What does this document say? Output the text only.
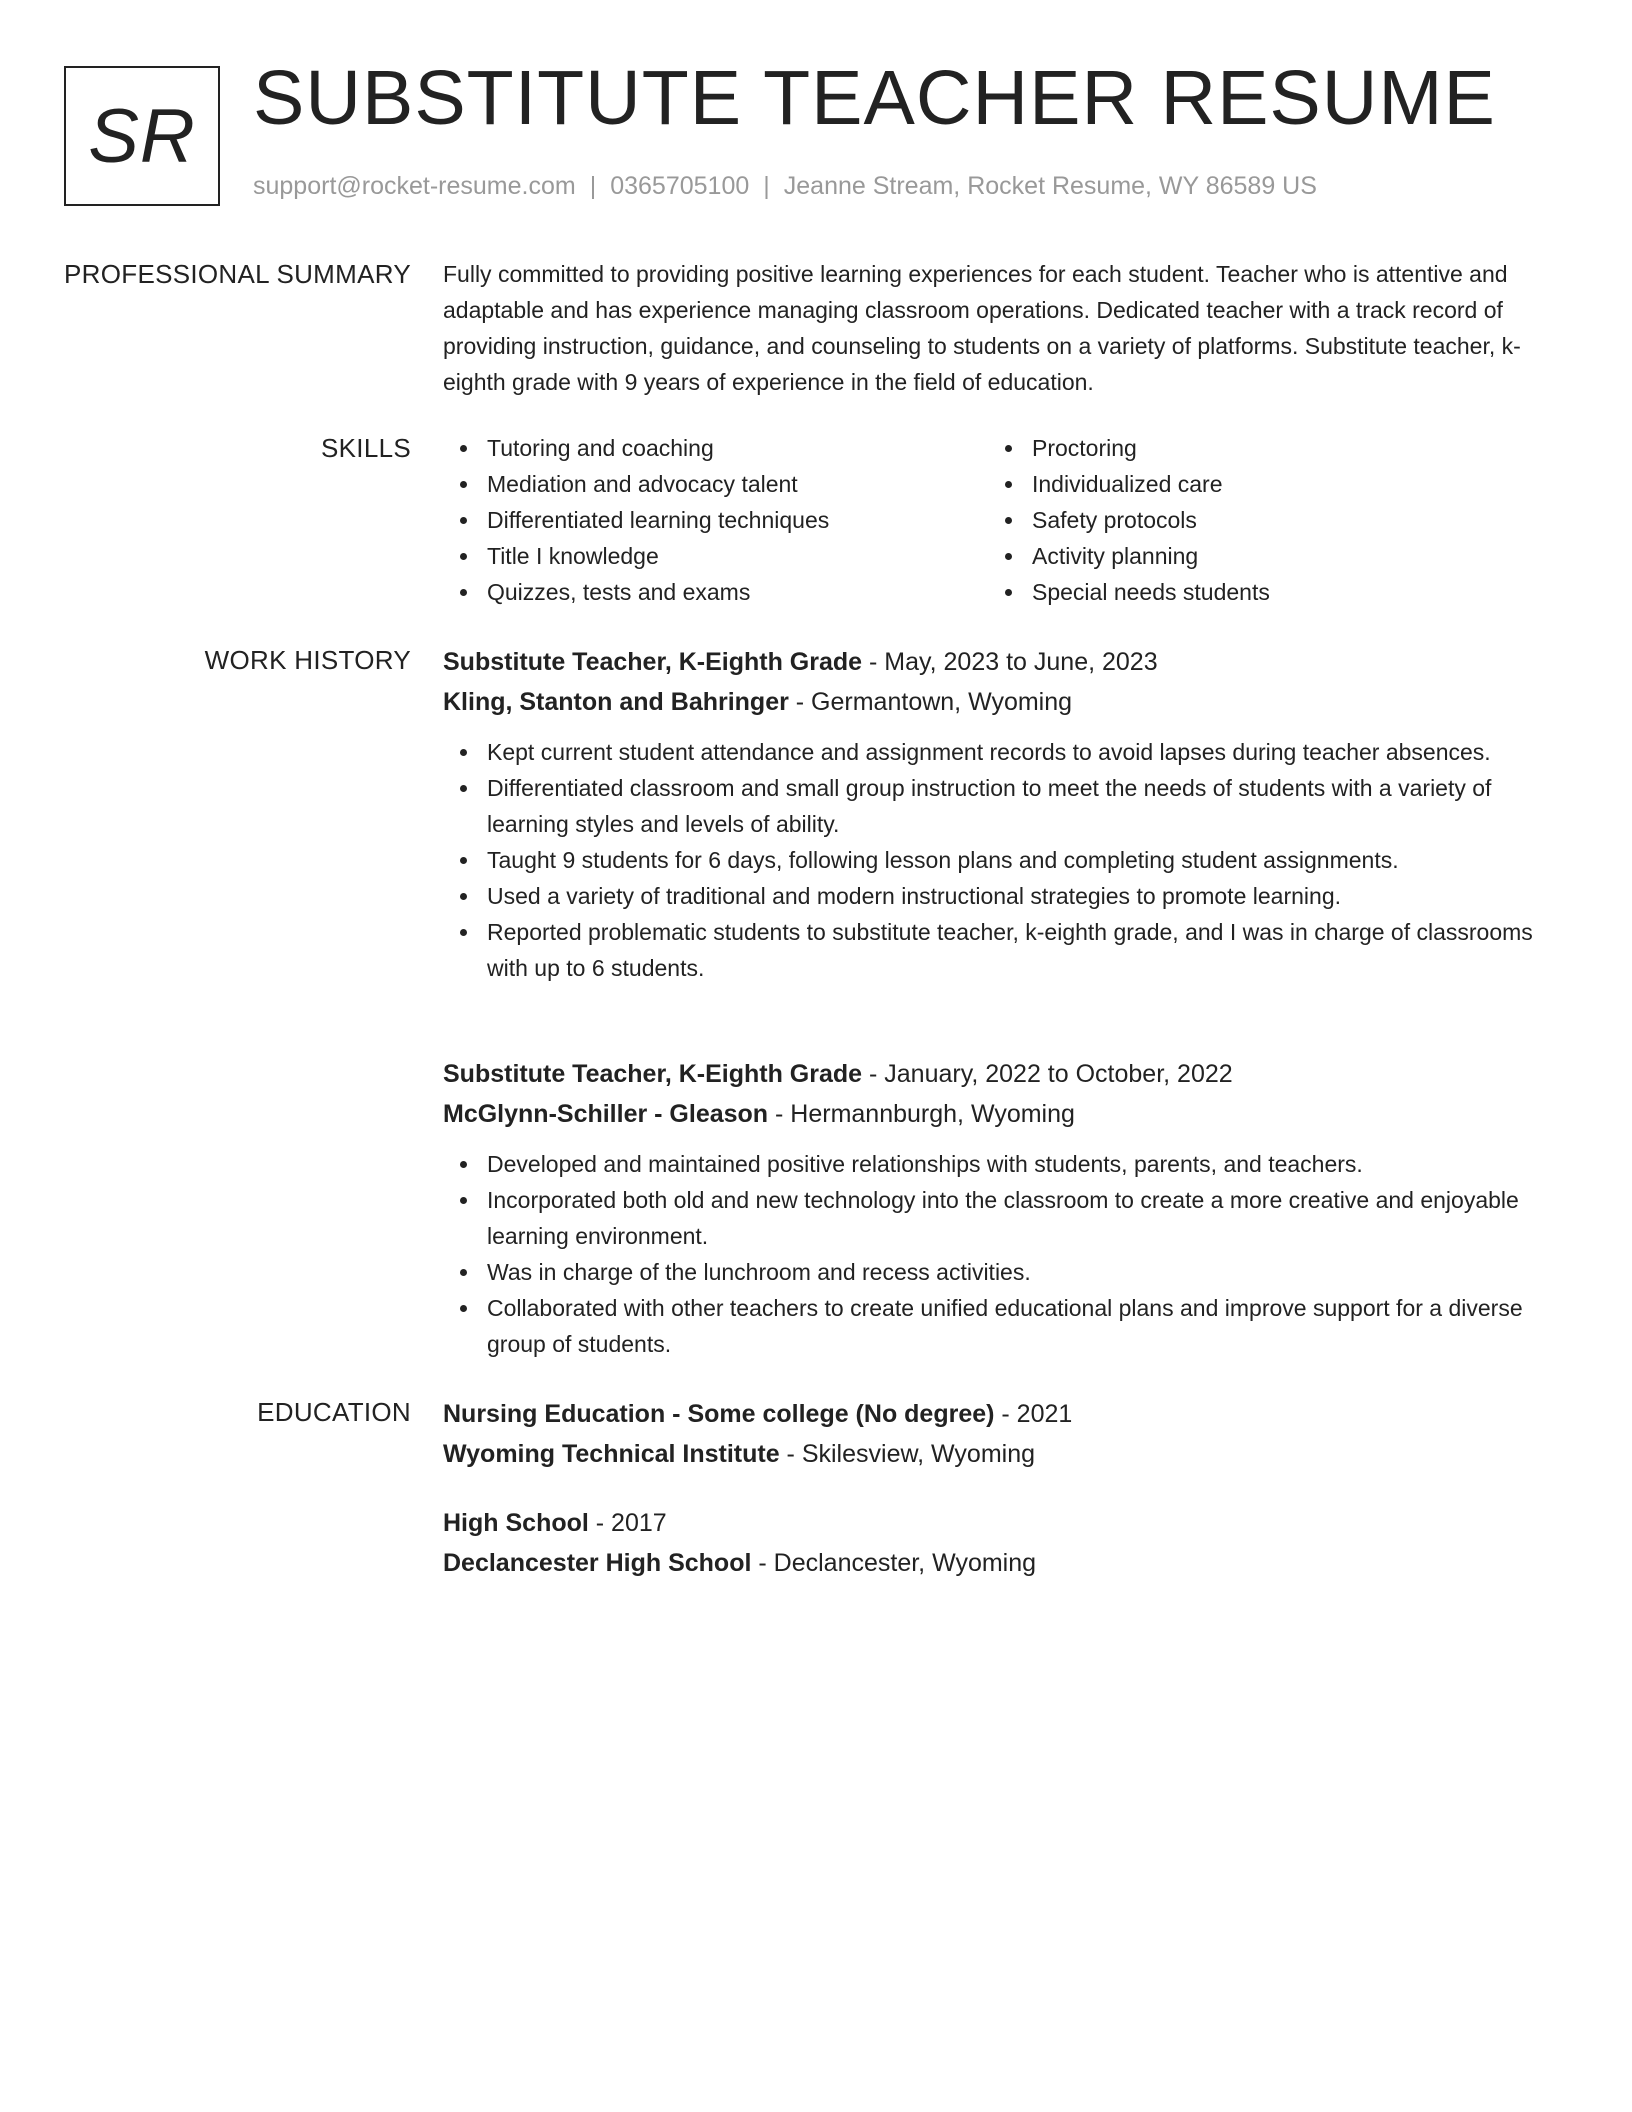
SR SUBSTITUTE TEACHER RESUME
support@rocket-resume.com | 0365705100 | Jeanne Stream, Rocket Resume, WY 86589 US
PROFESSIONAL SUMMARY Fully committed to providing positive learning experiences for each student. Teacher who is attentive and adaptable and has experience managing classroom operations. Dedicated teacher with a track record of providing instruction, guidance, and counseling to students on a variety of platforms. Substitute teacher, k-eighth grade with 9 years of experience in the field of education.

SKILLS	Tutoring and coaching
Mediation and advocacy talent
Differentiated learning techniques
Title I knowledge
Quizzes, tests and exams
Proctoring
Individualized care
Safety protocols
Activity planning
Special needs students
WORK HISTORY Substitute Teacher, K-Eighth Grade - May, 2023 to June, 2023
Kling, Stanton and Bahringer - Germantown, Wyoming
Kept current student attendance and assignment records to avoid lapses during teacher absences.
Differentiated classroom and small group instruction to meet the needs of students with a variety of learning styles and levels of ability.
Taught 9 students for 6 days, following lesson plans and completing student assignments.
Used a variety of traditional and modern instructional strategies to promote learning.
Reported problematic students to substitute teacher, k-eighth grade, and I was in charge of classrooms with up to 6 students.
Substitute Teacher, K-Eighth Grade - January, 2022 to October, 2022
McGlynn-Schiller - Gleason - Hermannburgh, Wyoming
Developed and maintained positive relationships with students, parents, and teachers.
Incorporated both old and new technology into the classroom to create a more creative and enjoyable learning environment.
Was in charge of the lunchroom and recess activities.
Collaborated with other teachers to create unified educational plans and improve support for a diverse group of students.
EDUCATION Nursing Education - Some college (No degree) - 2021
Wyoming Technical Institute - Skilesview, Wyoming
High School - 2017
Declancester High School - Declancester, Wyoming
